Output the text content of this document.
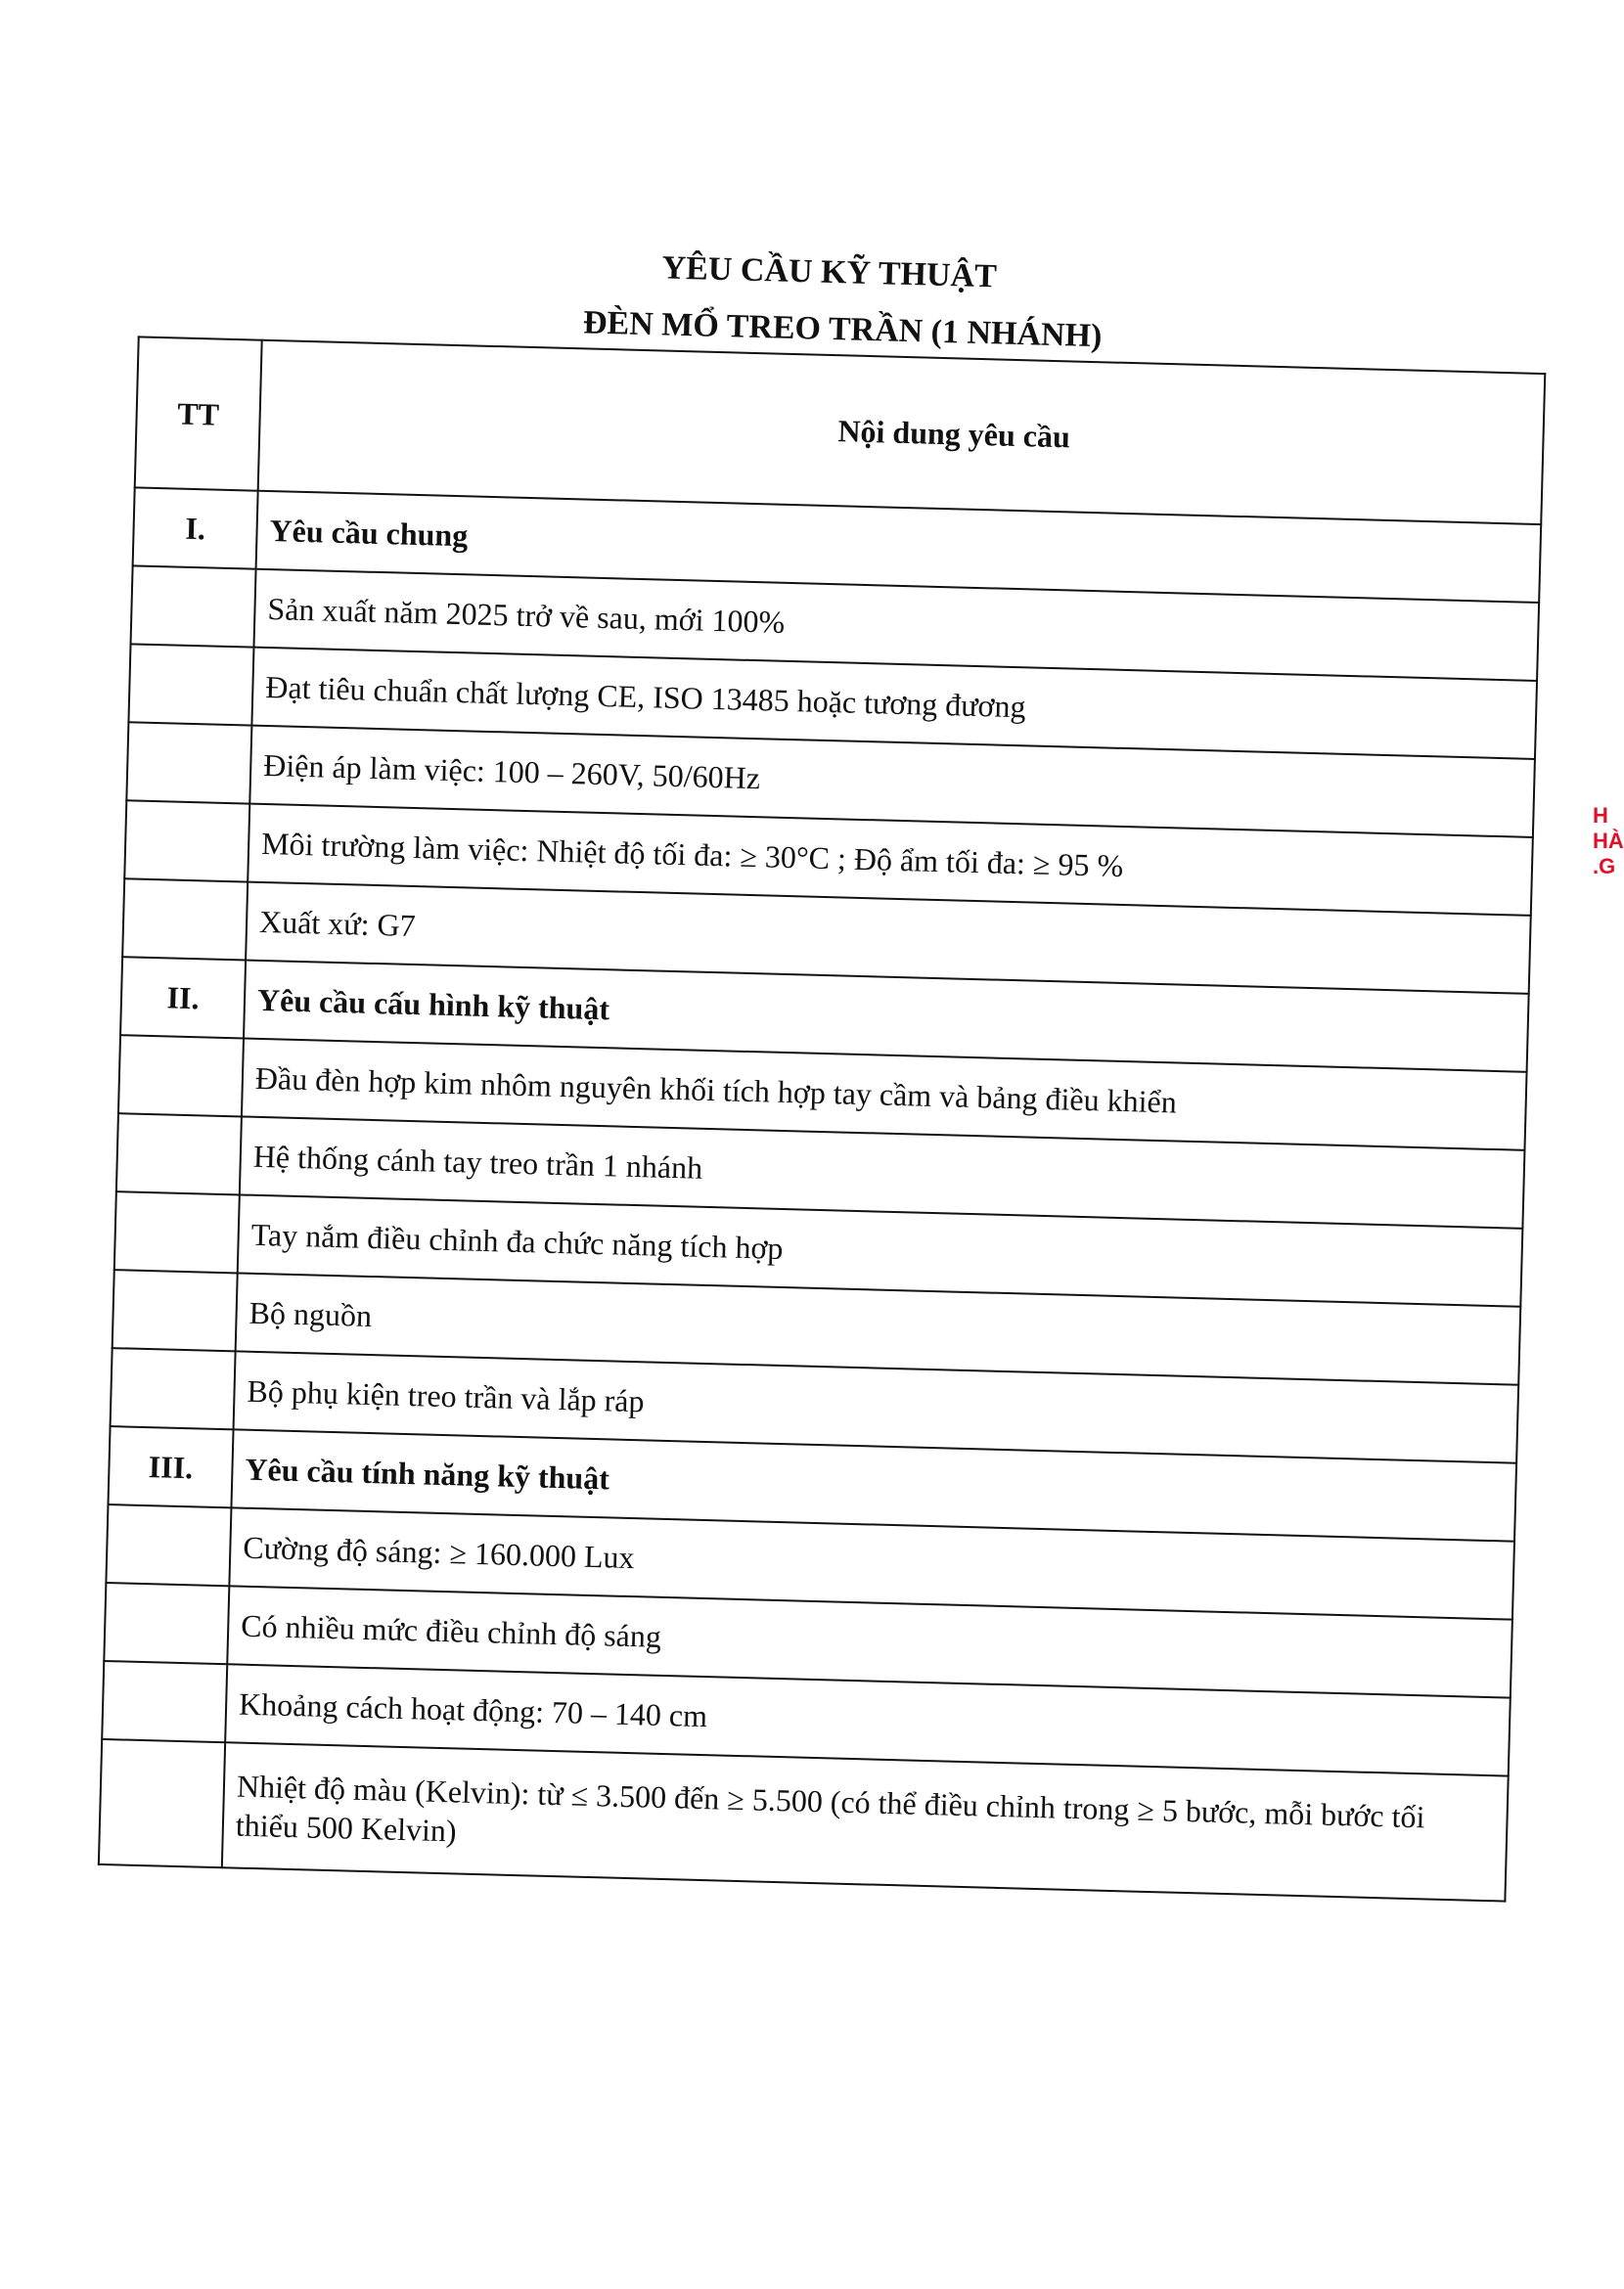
YÊU CẦU KỸ THUẬT

ĐÈN MỔ TREO TRẦN (1 NHÁNH)

TT	Nội dung yêu cầu
I.	Yêu cầu chung
	Sản xuất năm 2025 trở về sau, mới 100%
	Đạt tiêu chuẩn chất lượng CE, ISO 13485 hoặc tương đương
	Điện áp làm việc: 100 – 260V, 50/60Hz
	Môi trường làm việc: Nhiệt độ tối đa: ≥ 30°C ; Độ ẩm tối đa: ≥ 95 %
	Xuất xứ: G7
II.	Yêu cầu cấu hình kỹ thuật
	Đầu đèn hợp kim nhôm nguyên khối tích hợp tay cầm và bảng điều khiển
	Hệ thống cánh tay treo trần 1 nhánh
	Tay nắm điều chỉnh đa chức năng tích hợp
	Bộ nguồn
	Bộ phụ kiện treo trần và lắp ráp
III.	Yêu cầu tính năng kỹ thuật
	Cường độ sáng: ≥ 160.000 Lux
	Có nhiều mức điều chỉnh độ sáng
	Khoảng cách hoạt động: 70 – 140 cm
	Nhiệt độ màu (Kelvin): từ ≤ 3.500 đến ≥ 5.500 (có thể điều chỉnh trong ≥ 5 bước, mỗi bước tối thiểu 500 Kelvin)

H
HÀ
.G
